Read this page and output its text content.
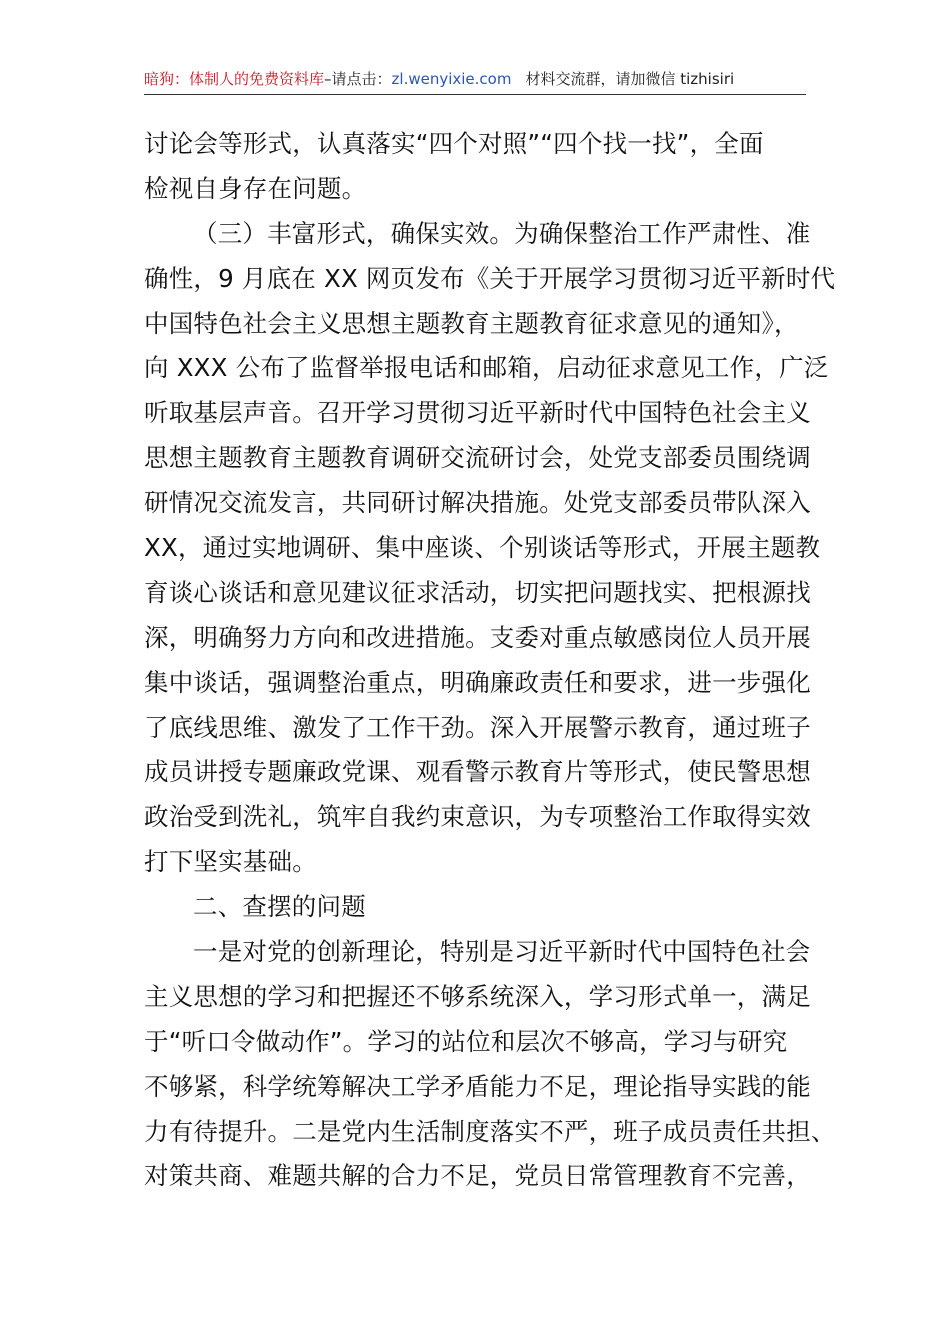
暗狗：体制人的免费资料库–请点击：zl.wenyixie.com 材料交流群，请加微信 tizhisiri
讨论会等形式，认真落实“四个对照”“四个找一找”，全面
检视自身存在问题。
（三）丰富形式，确保实效。为确保整治工作严肃性、准
确性，9 月底在 XX 网页发布《关于开展学习贯彻习近平新时代
中国特色社会主义思想主题教育主题教育征求意见的通知》，
向 XXX 公布了监督举报电话和邮箱，启动征求意见工作，广泛
听取基层声音。召开学习贯彻习近平新时代中国特色社会主义
思想主题教育主题教育调研交流研讨会，处党支部委员围绕调
研情况交流发言，共同研讨解决措施。处党支部委员带队深入
XX，通过实地调研、集中座谈、个别谈话等形式，开展主题教
育谈心谈话和意见建议征求活动，切实把问题找实、把根源找
深，明确努力方向和改进措施。支委对重点敏感岗位人员开展
集中谈话，强调整治重点，明确廉政责任和要求，进一步强化
了底线思维、激发了工作干劲。深入开展警示教育，通过班子
成员讲授专题廉政党课、观看警示教育片等形式，使民警思想
政治受到洗礼，筑牢自我约束意识，为专项整治工作取得实效
打下坚实基础。
二、查摆的问题
一是对党的创新理论，特别是习近平新时代中国特色社会
主义思想的学习和把握还不够系统深入，学习形式单一，满足
于“听口令做动作”。学习的站位和层次不够高，学习与研究
不够紧，科学统筹解决工学矛盾能力不足，理论指导实践的能
力有待提升。二是党内生活制度落实不严，班子成员责任共担、
对策共商、难题共解的合力不足，党员日常管理教育不完善，
